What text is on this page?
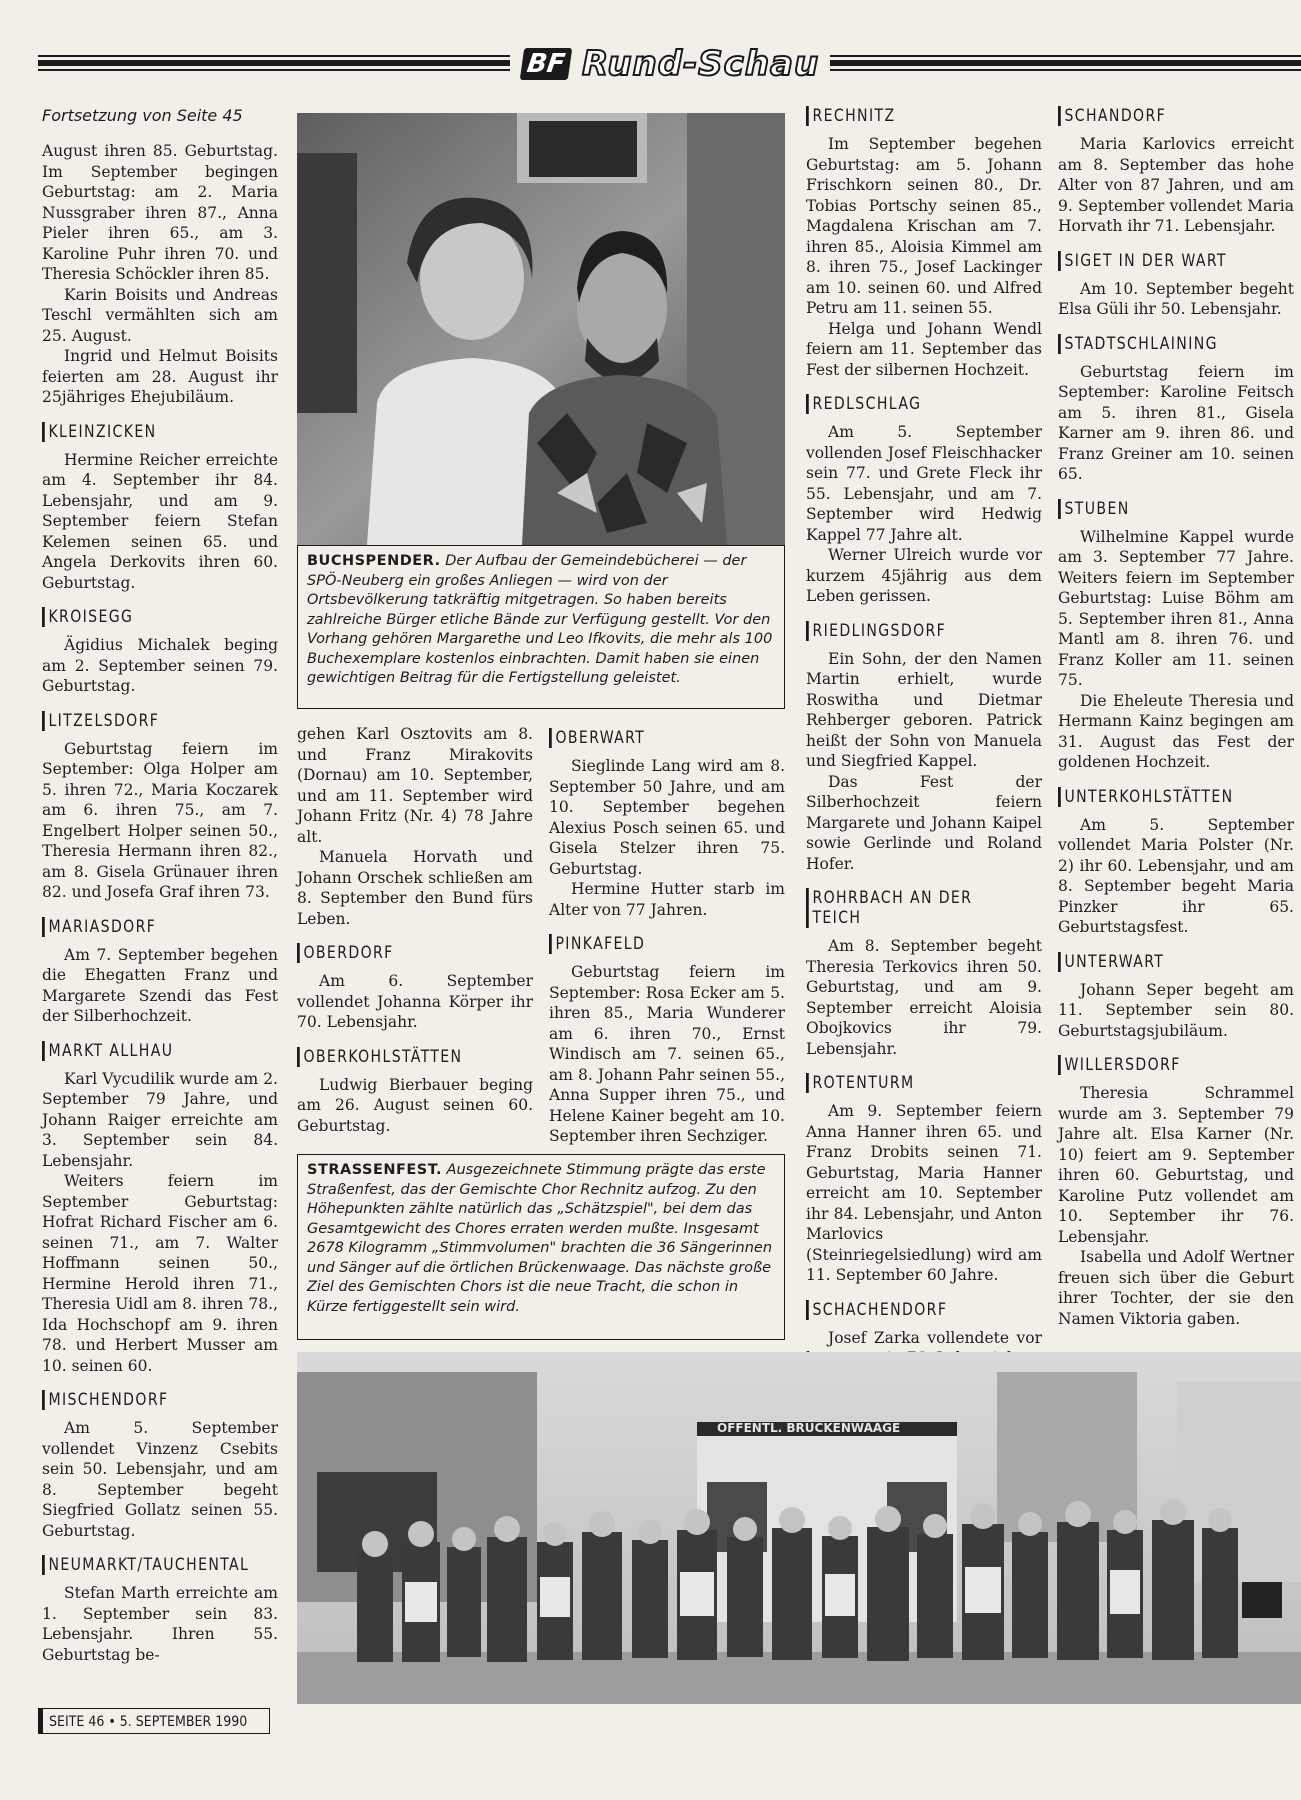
BF Rund-Schau
Fortsetzung von Seite 45

August ihren 85. Geburtstag. Im September begingen Geburtstag: am 2. Maria Nussgraber ihren 87., Anna Pieler ihren 65., am 3. Karoline Puhr ihren 70. und Theresia Schöckler ihren 85.

Karin Boisits und Andreas Teschl vermählten sich am 25. August.

Ingrid und Helmut Boisits feierten am 28. August ihr 25jähriges Ehejubiläum.

KLEINZICKEN

Hermine Reicher erreichte am 4. September ihr 84. Lebensjahr, und am 9. September feiern Stefan Kelemen seinen 65. und Angela Derkovits ihren 60. Geburtstag.

KROISEGG

Ägidius Michalek beging am 2. September seinen 79. Geburtstag.

LITZELSDORF

Geburtstag feiern im September: Olga Holper am 5. ihren 72., Maria Koczarek am 6. ihren 75., am 7. Engelbert Holper seinen 50., Theresia Hermann ihren 82., am 8. Gisela Grünauer ihren 82. und Josefa Graf ihren 73.

MARIASDORF

Am 7. September begehen die Ehegatten Franz und Margarete Szendi das Fest der Silberhochzeit.

MARKT ALLHAU

Karl Vycudilik wurde am 2. September 79 Jahre, und Johann Raiger erreichte am 3. September sein 84. Lebensjahr.

Weiters feiern im September Geburtstag: Hofrat Richard Fischer am 6. seinen 71., am 7. Walter Hoffmann seinen 50., Hermine Herold ihren 71., Theresia Uidl am 8. ihren 78., Ida Hochschopf am 9. ihren 78. und Herbert Musser am 10. seinen 60.

MISCHENDORF

Am 5. September vollendet Vinzenz Csebits sein 50. Lebensjahr, und am 8. September begeht Siegfried Gollatz seinen 55. Geburtstag.

NEUMARKT/TAUCHENTAL

Stefan Marth erreichte am 1. September sein 83. Lebensjahr. Ihren 55. Geburtstag be-

BUCHSPENDER. Der Aufbau der Gemeindebücherei — der SPÖ-Neuberg ein großes Anliegen — wird von der Ortsbevölkerung tatkräftig mitgetragen. So haben bereits zahlreiche Bürger etliche Bände zur Verfügung gestellt. Vor den Vorhang gehören Margarethe und Leo Ifkovits, die mehr als 100 Buchexemplare kostenlos einbrachten. Damit haben sie einen gewichtigen Beitrag für die Fertigstellung geleistet.

gehen Karl Osztovits am 8. und Franz Mirakovits (Dornau) am 10. September, und am 11. September wird Johann Fritz (Nr. 4) 78 Jahre alt.

Manuela Horvath und Johann Orschek schließen am 8. September den Bund fürs Leben.

OBERDORF

Am 6. September vollendet Johanna Körper ihr 70. Lebensjahr.

OBERKOHLSTÄTTEN

Ludwig Bierbauer beging am 26. August seinen 60. Geburtstag.

OBERWART

Sieglinde Lang wird am 8. September 50 Jahre, und am 10. September begehen Alexius Posch seinen 65. und Gisela Stelzer ihren 75. Geburtstag.

Hermine Hutter starb im Alter von 77 Jahren.

PINKAFELD

Geburtstag feiern im September: Rosa Ecker am 5. ihren 85., Maria Wunderer am 6. ihren 70., Ernst Windisch am 7. seinen 65., am 8. Johann Pahr seinen 55., Anna Supper ihren 75., und Helene Kainer begeht am 10. September ihren Sechziger.

STRASSENFEST. Ausgezeichnete Stimmung prägte das erste Straßenfest, das der Gemischte Chor Rechnitz aufzog. Zu den Höhepunkten zählte natürlich das „Schätzspiel", bei dem das Gesamtgewicht des Chores erraten werden mußte. Insgesamt 2678 Kilogramm „Stimmvolumen" brachten die 36 Sängerinnen und Sänger auf die örtlichen Brückenwaage. Das nächste große Ziel des Gemischten Chors ist die neue Tracht, die schon in Kürze fertiggestellt sein wird.
RECHNITZ

Im September begehen Geburtstag: am 5. Johann Frischkorn seinen 80., Dr. Tobias Portschy seinen 85., Magdalena Krischan am 7. ihren 85., Aloisia Kimmel am 8. ihren 75., Josef Lackinger am 10. seinen 60. und Alfred Petru am 11. seinen 55.

Helga und Johann Wendl feiern am 11. September das Fest der silbernen Hochzeit.

REDLSCHLAG

Am 5. September vollenden Josef Fleischhacker sein 77. und Grete Fleck ihr 55. Lebensjahr, und am 7. September wird Hedwig Kappel 77 Jahre alt.

Werner Ulreich wurde vor kurzem 45jährig aus dem Leben gerissen.

RIEDLINGSDORF

Ein Sohn, der den Namen Martin erhielt, wurde Roswitha und Dietmar Rehberger geboren. Patrick heißt der Sohn von Manuela und Siegfried Kappel.

Das Fest der Silberhochzeit feiern Margarete und Johann Kaipel sowie Gerlinde und Roland Hofer.

ROHRBACH AN DER TEICH

Am 8. September begeht Theresia Terkovics ihren 50. Geburtstag, und am 9. September erreicht Aloisia Obojkovics ihr 79. Lebensjahr.

ROTENTURM

Am 9. September feiern Anna Hanner ihren 65. und Franz Drobits seinen 71. Geburtstag, Maria Hanner erreicht am 10. September ihr 84. Lebensjahr, und Anton Marlovics (Steinriegelsiedlung) wird am 11. September 60 Jahre.

SCHACHENDORF

Josef Zarka vollendete vor

SCHANDORF

Maria Karlovics erreicht am 8. September das hohe Alter von 87 Jahren, und am 9. September vollendet Maria Horvath ihr 71. Lebensjahr.

SIGET IN DER WART

Am 10. September begeht Elsa Güli ihr 50. Lebensjahr.

STADTSCHLAINING

Geburtstag feiern im September: Karoline Feitsch am 5. ihren 81., Gisela Karner am 9. ihren 86. und Franz Greiner am 10. seinen 65.

STUBEN

Wilhelmine Kappel wurde am 3. September 77 Jahre. Weiters feiern im September Geburtstag: Luise Böhm am 5. September ihren 81., Anna Mantl am 8. ihren 76. und Franz Koller am 11. seinen 75.

Die Eheleute Theresia und Hermann Kainz begingen am 31. August das Fest der goldenen Hochzeit.

UNTERKOHLSTÄTTEN

Am 5. September vollendet Maria Polster (Nr. 2) ihr 60. Lebensjahr, und am 8. September begeht Maria Pinzker ihr 65. Geburtstagsfest.

UNTERWART

Johann Seper begeht am 11. September sein 80. Geburtstagsjubiläum.

WILLERSDORF

Theresia Schrammel wurde am 3. September 79 Jahre alt. Elsa Karner (Nr. 10) feiert am 9. September ihren 60. Geburtstag, und Karoline Putz vollendet am 10. September ihr 76. Lebensjahr.

Isabella und Adolf Wertner freuen sich über die Geburt ihrer Tochter, der sie den Namen Viktoria gaben.

ÖFFENTL. BRÜCKENWAAGE
SEITE 46 • 5. SEPTEMBER 1990
